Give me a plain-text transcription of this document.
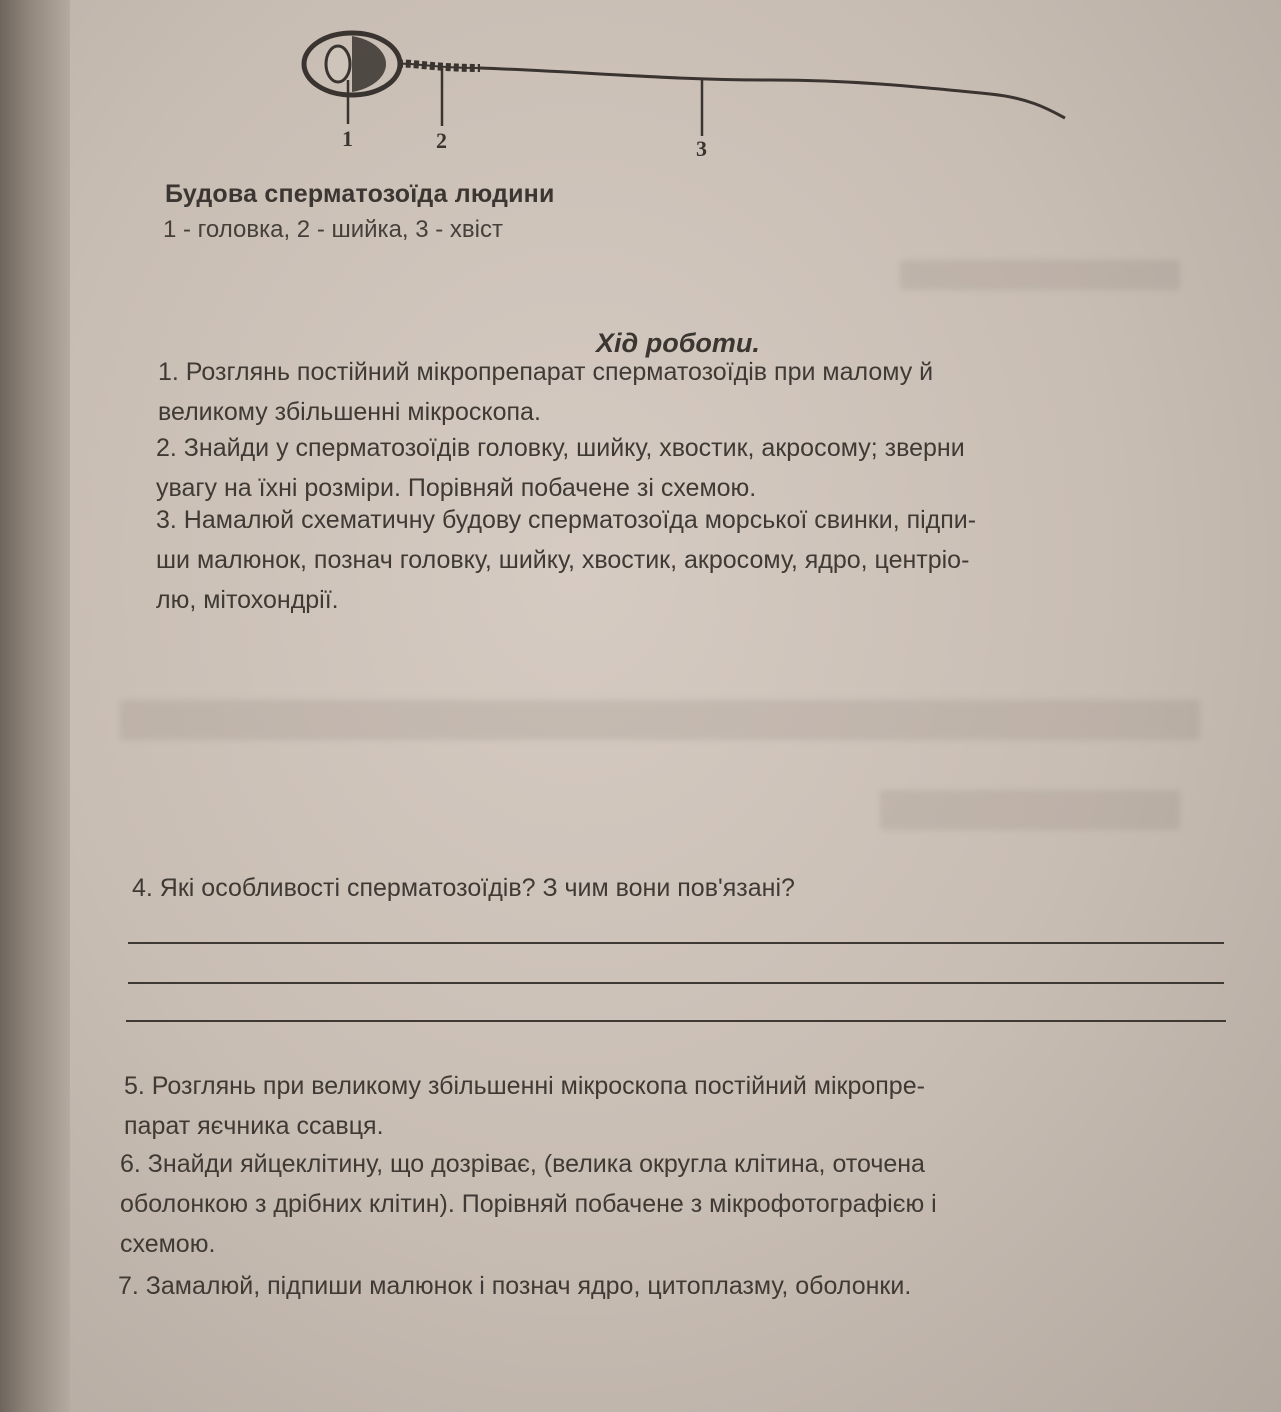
1	2	3
Будова сперматозоїда людини
1 - головка, 2 - шийка, 3 - хвіст
Хід роботи.
1. Розглянь постійний мікропрепарат сперматозоїдів при малому й
великому збільшенні мікроскопа.
2. Знайди у сперматозоїдів головку, шийку, хвостик, акросому; зверни
увагу на їхні розміри. Порівняй побачене зі схемою.
3. Намалюй схематичну будову сперматозоїда морської свинки, підпи-
ши малюнок, познач головку, шийку, хвостик, акросому, ядро, центріо-
лю, мітохондрії.
4. Які особливості сперматозоїдів? З чим вони пов'язані?
5. Розглянь при великому збільшенні мікроскопа постійний мікропре-
парат яєчника ссавця.
6. Знайди яйцеклітину, що дозріває, (велика округла клітина, оточена
оболонкою з дрібних клітин). Порівняй побачене з мікрофотографією і
схемою.
7. Замалюй, підпиши малюнок і познач ядро, цитоплазму, оболонки.
